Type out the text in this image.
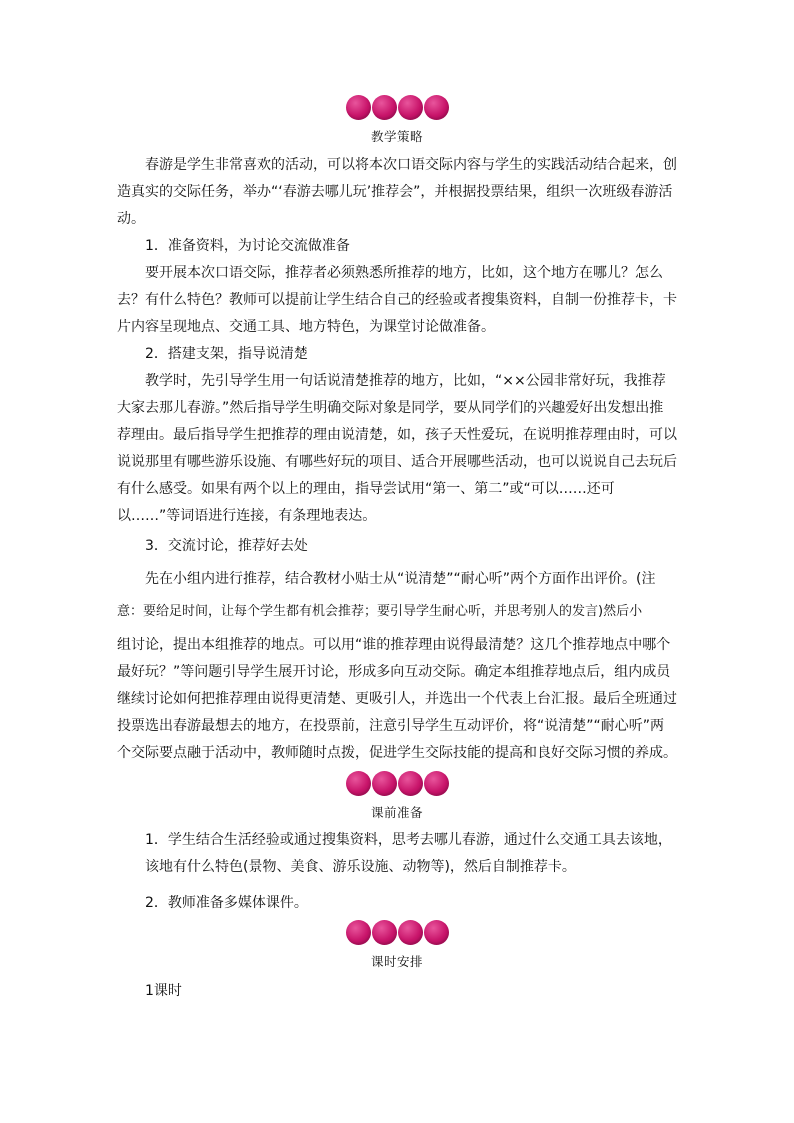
教学策略

春游是学生非常喜欢的活动，可以将本次口语交际内容与学生的实践活动结合起来，创造真实的交际任务，举办“‘春游去哪儿玩’推荐会”，并根据投票结果，组织一次班级春游活动。

1．准备资料，为讨论交流做准备

要开展本次口语交际，推荐者必须熟悉所推荐的地方，比如，这个地方在哪儿？怎么去？有什么特色？教师可以提前让学生结合自己的经验或者搜集资料，自制一份推荐卡，卡片内容呈现地点、交通工具、地方特色，为课堂讨论做准备。

2．搭建支架，指导说清楚

教学时，先引导学生用一句话说清楚推荐的地方，比如，“××公园非常好玩，我推荐大家去那儿春游。”然后指导学生明确交际对象是同学，要从同学们的兴趣爱好出发想出推荐理由。最后指导学生把推荐的理由说清楚，如，孩子天性爱玩，在说明推荐理由时，可以说说那里有哪些游乐设施、有哪些好玩的项目、适合开展哪些活动，也可以说说自己去玩后有什么感受。如果有两个以上的理由，指导尝试用“第一、第二”或“可以……还可以……”等词语进行连接，有条理地表达。

3．交流讨论，推荐好去处

先在小组内进行推荐，结合教材小贴士从“说清楚”“耐心听”两个方面作出评价。(注

意：要给足时间，让每个学生都有机会推荐；要引导学生耐心听，并思考别人的发言)然后小

组讨论，提出本组推荐的地点。可以用“谁的推荐理由说得最清楚？这几个推荐地点中哪个最好玩？”等问题引导学生展开讨论，形成多向互动交际。确定本组推荐地点后，组内成员继续讨论如何把推荐理由说得更清楚、更吸引人，并选出一个代表上台汇报。最后全班通过投票选出春游最想去的地方，在投票前，注意引导学生互动评价，将“说清楚”“耐心听”两个交际要点融于活动中，教师随时点拨，促进学生交际技能的提高和良好交际习惯的养成。

课前准备

1．学生结合生活经验或通过搜集资料，思考去哪儿春游，通过什么交通工具去该地，该地有什么特色(景物、美食、游乐设施、动物等)，然后自制推荐卡。

2．教师准备多媒体课件。

课时安排

1课时
